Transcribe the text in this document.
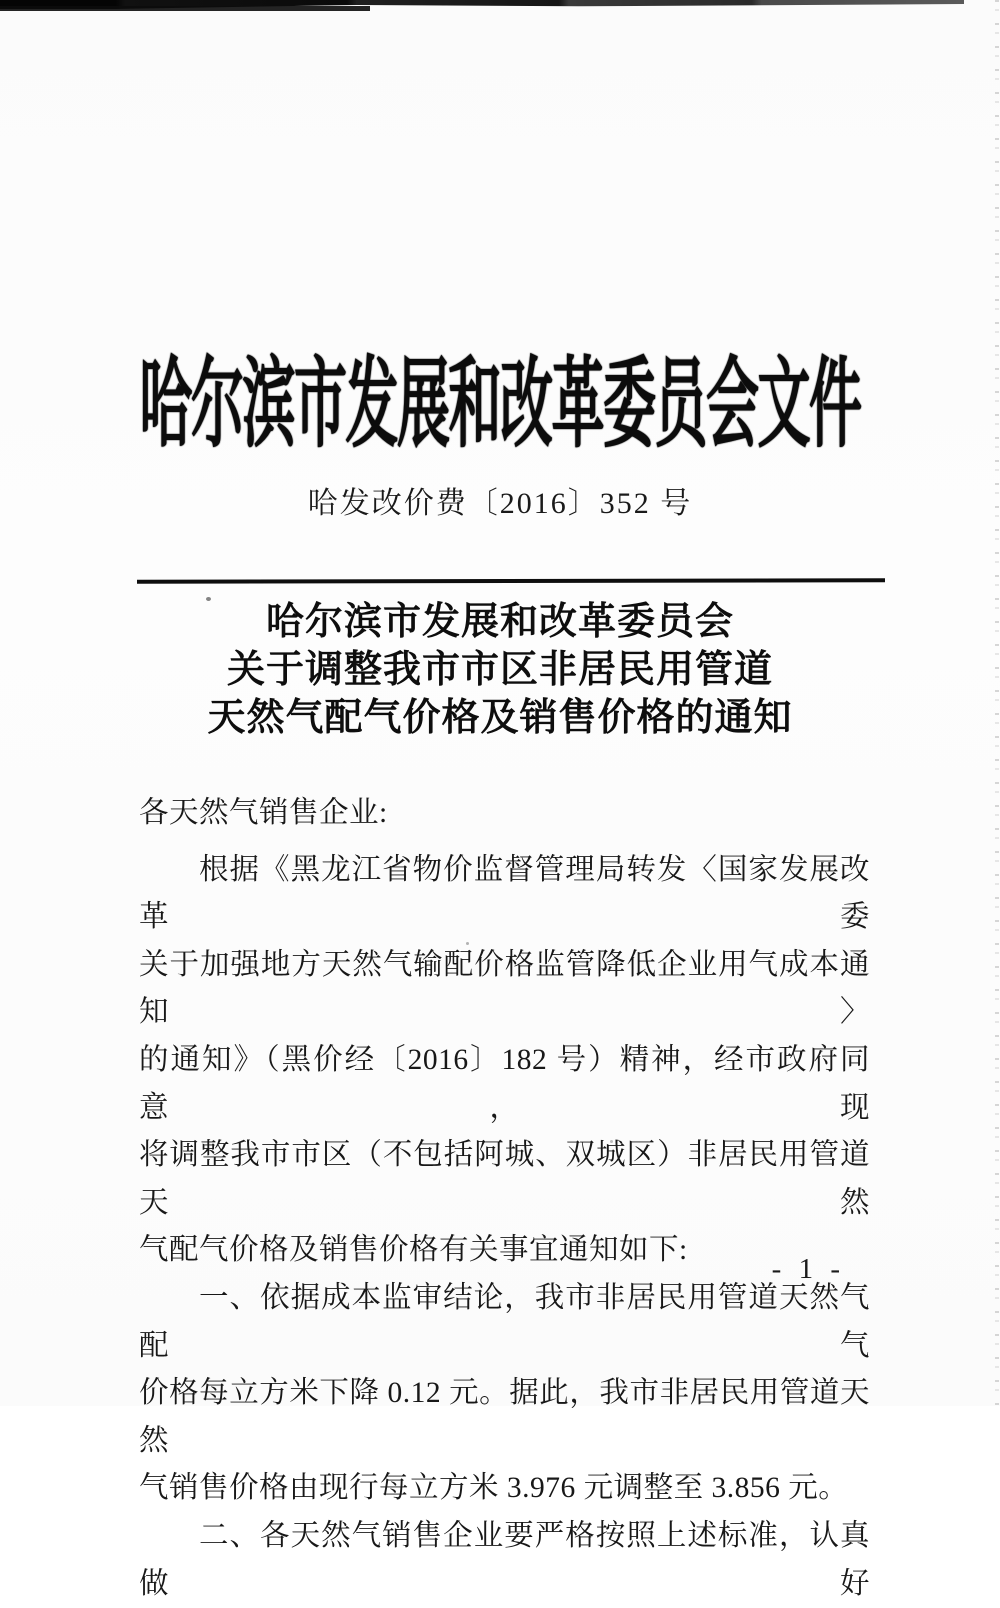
哈尔滨市发展和改革委员会文件
哈发改价费〔2016〕352 号
哈尔滨市发展和改革委员会
关于调整我市市区非居民用管道
天然气配气价格及销售价格的通知
各天然气销售企业:
根据《黑龙江省物价监督管理局转发〈国家发展改革委
关于加强地方天然气输配价格监管降低企业用气成本通知〉
的通知》（黑价经〔2016〕182 号）精神，经市政府同意，现
将调整我市市区（不包括阿城、双城区）非居民用管道天然
气配气价格及销售价格有关事宜通知如下:
一、依据成本监审结论，我市非居民用管道天然气配气
价格每立方米下降 0.12 元。据此，我市非居民用管道天然
气销售价格由现行每立方米 3.976 元调整至 3.856 元。
二、各天然气销售企业要严格按照上述标准，认真做好
- 1 -
